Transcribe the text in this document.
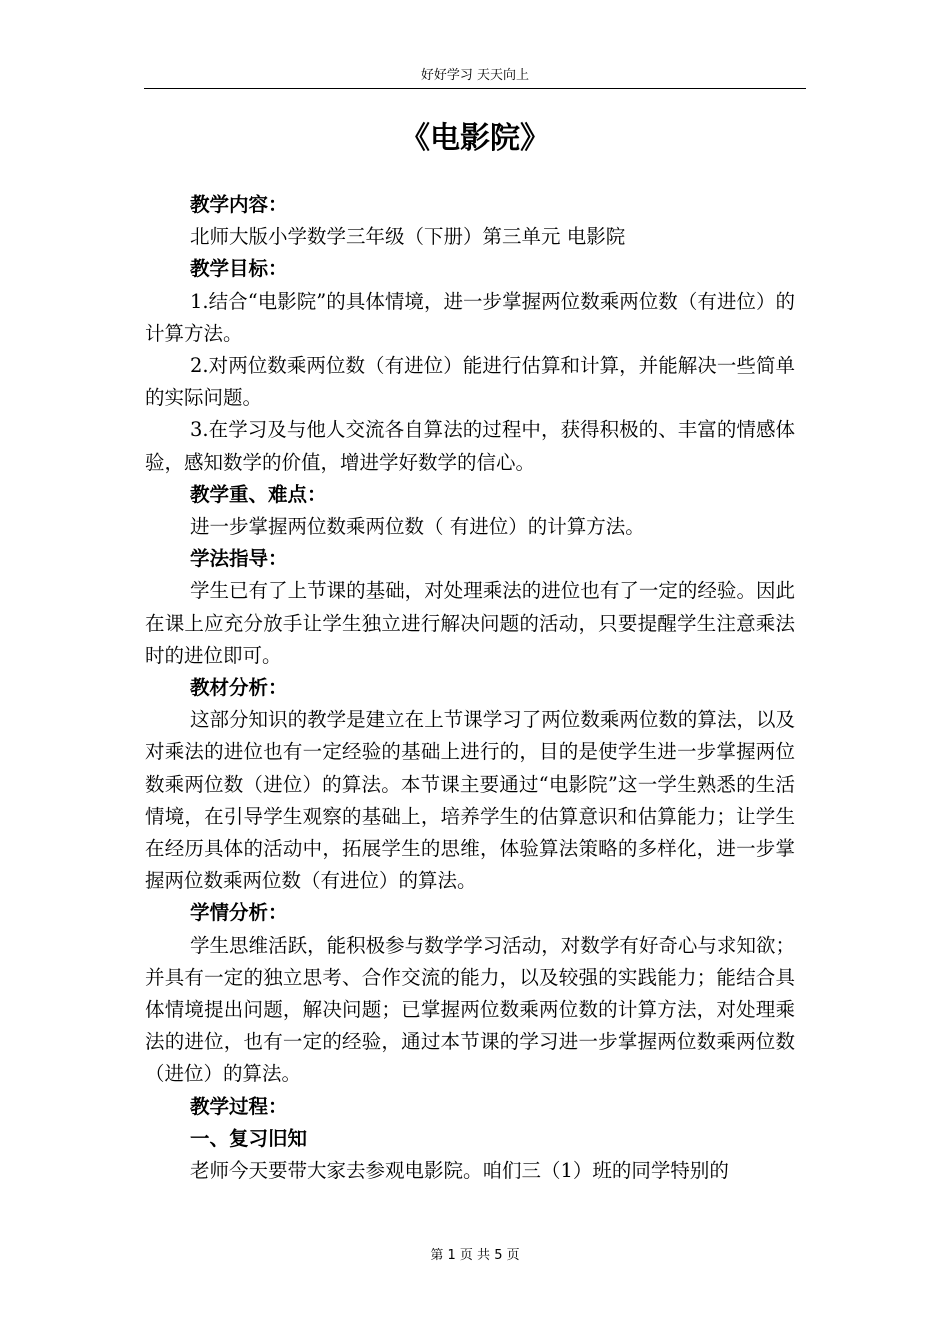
好好学习 天天向上
《电影院》

教学内容：

北师大版小学数学三年级（下册）第三单元 电影院

教学目标：

1.结合“电影院”的具体情境，进一步掌握两位数乘两位数（有进位）的计算方法。

2.对两位数乘两位数（有进位）能进行估算和计算，并能解决一些简单的实际问题。

3.在学习及与他人交流各自算法的过程中，获得积极的、丰富的情感体验，感知数学的价值，增进学好数学的信心。

教学重、难点：

进一步掌握两位数乘两位数（ 有进位）的计算方法。

学法指导：

学生已有了上节课的基础，对处理乘法的进位也有了一定的经验。因此在课上应充分放手让学生独立进行解决问题的活动，只要提醒学生注意乘法时的进位即可。

教材分析：

这部分知识的教学是建立在上节课学习了两位数乘两位数的算法，以及对乘法的进位也有一定经验的基础上进行的，目的是使学生进一步掌握两位数乘两位数（进位）的算法。本节课主要通过“电影院”这一学生熟悉的生活情境，在引导学生观察的基础上，培养学生的估算意识和估算能力；让学生在经历具体的活动中，拓展学生的思维，体验算法策略的多样化，进一步掌握两位数乘两位数（有进位）的算法。

学情分析：

学生思维活跃，能积极参与数学学习活动，对数学有好奇心与求知欲；并具有一定的独立思考、合作交流的能力，以及较强的实践能力；能结合具体情境提出问题，解决问题；已掌握两位数乘两位数的计算方法，对处理乘法的进位，也有一定的经验，通过本节课的学习进一步掌握两位数乘两位数（进位）的算法。

教学过程：

一、复习旧知

老师今天要带大家去参观电影院。咱们三（1）班的同学特别的

第 1 页 共 5 页
